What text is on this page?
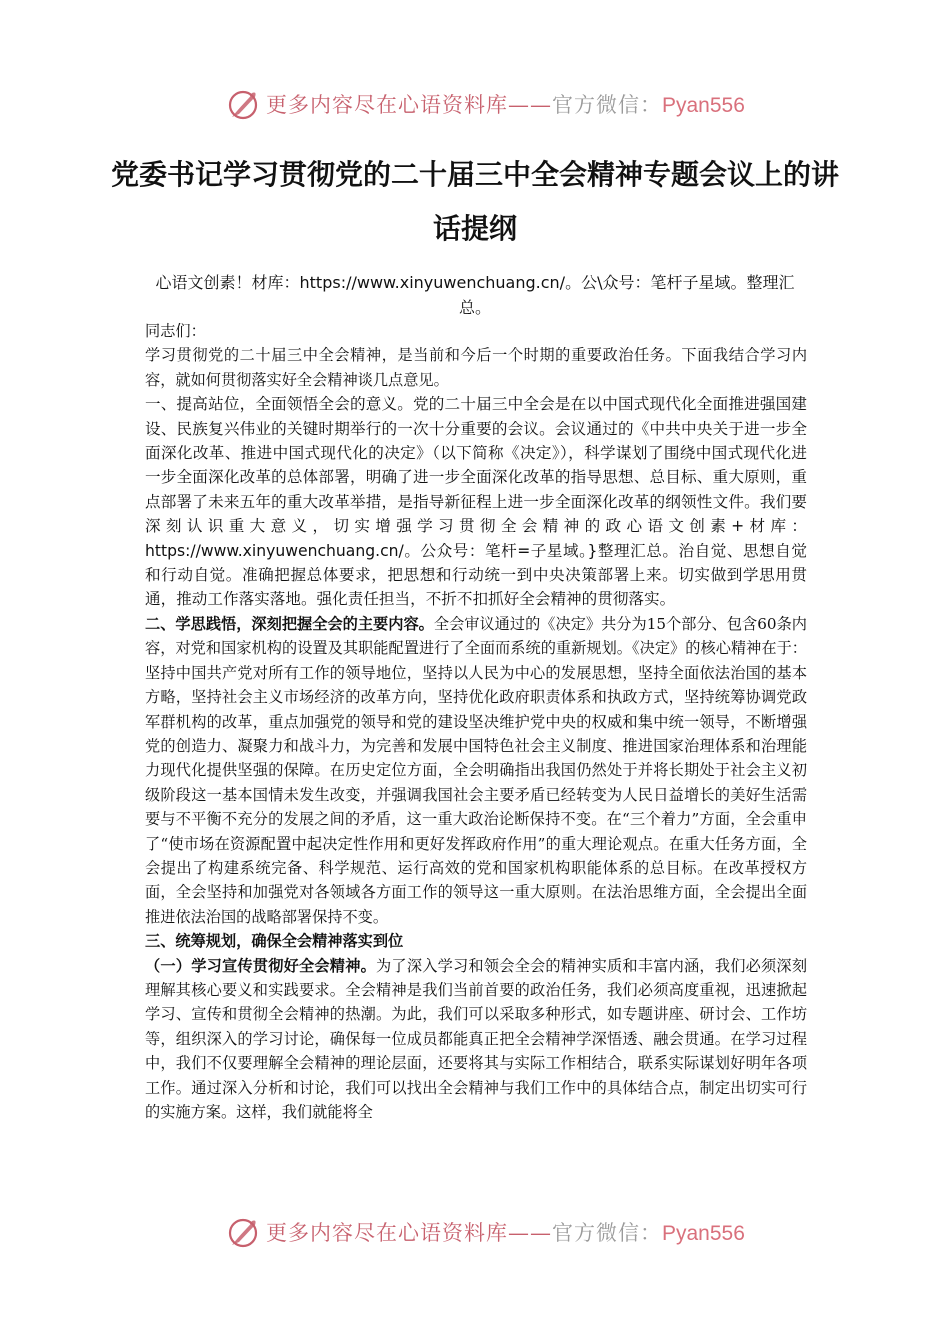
更多内容尽在心语资料库——官方微信：Pyan556
党委书记学习贯彻党的二十届三中全会精神专题会议上的讲话提纲
心语文创素！材库：https://www.xinyuwenchuang.cn/。公\众号：笔杆子星域。整理汇总。

同志们：

学习贯彻党的二十届三中全会精神，是当前和今后一个时期的重要政治任务。下面我结合学习内容，就如何贯彻落实好全会精神谈几点意见。

一、提高站位，全面领悟全会的意义。党的二十届三中全会是在以中国式现代化全面推进强国建设、民族复兴伟业的关键时期举行的一次十分重要的会议。会议通过的《中共中央关于进一步全面深化改革、推进中国式现代化的决定》（以下简称《决定》），科学谋划了围绕中国式现代化进一步全面深化改革的总体部署，明确了进一步全面深化改革的指导思想、总目标、重大原则，重点部署了未来五年的重大改革举措，是指导新征程上进一步全面深化改革的纲领性文件。我们要深刻认识重大意义，切实增强学习贯彻全会精神的政心语文创素+材库：https://www.xinyuwenchuang.cn/。公众号：笔杆=子星域。}整理汇总。治自觉、思想自觉和行动自觉。准确把握总体要求，把思想和行动统一到中央决策部署上来。切实做到学思用贯通，推动工作落实落地。强化责任担当，不折不扣抓好全会精神的贯彻落实。

二、学思践悟，深刻把握全会的主要内容。全会审议通过的《决定》共分为15个部分、包含60条内容，对党和国家机构的设置及其职能配置进行了全面而系统的重新规划。《决定》的核心精神在于：坚持中国共产党对所有工作的领导地位，坚持以人民为中心的发展思想，坚持全面依法治国的基本方略，坚持社会主义市场经济的改革方向，坚持优化政府职责体系和执政方式，坚持统筹协调党政军群机构的改革，重点加强党的领导和党的建设坚决维护党中央的权威和集中统一领导，不断增强党的创造力、凝聚力和战斗力，为完善和发展中国特色社会主义制度、推进国家治理体系和治理能力现代化提供坚强的保障。在历史定位方面，全会明确指出我国仍然处于并将长期处于社会主义初级阶段这一基本国情未发生改变，并强调我国社会主要矛盾已经转变为人民日益增长的美好生活需要与不平衡不充分的发展之间的矛盾，这一重大政治论断保持不变。在“三个着力”方面，全会重申了“使市场在资源配置中起决定性作用和更好发挥政府作用”的重大理论观点。在重大任务方面，全会提出了构建系统完备、科学规范、运行高效的党和国家机构职能体系的总目标。在改革授权方面，全会坚持和加强党对各领域各方面工作的领导这一重大原则。在法治思维方面，全会提出全面推进依法治国的战略部署保持不变。

三、统筹规划，确保全会精神落实到位

（一）学习宣传贯彻好全会精神。为了深入学习和领会全会的精神实质和丰富内涵，我们必须深刻理解其核心要义和实践要求。全会精神是我们当前首要的政治任务，我们必须高度重视，迅速掀起学习、宣传和贯彻全会精神的热潮。为此，我们可以采取多种形式，如专题讲座、研讨会、工作坊等，组织深入的学习讨论，确保每一位成员都能真正把全会精神学深悟透、融会贯通。在学习过程中，我们不仅要理解全会精神的理论层面，还要将其与实际工作相结合，联系实际谋划好明年各项工作。通过深入分析和讨论，我们可以找出全会精神与我们工作中的具体结合点，制定出切实可行的实施方案。这样，我们就能将全

更多内容尽在心语资料库——官方微信：Pyan556
